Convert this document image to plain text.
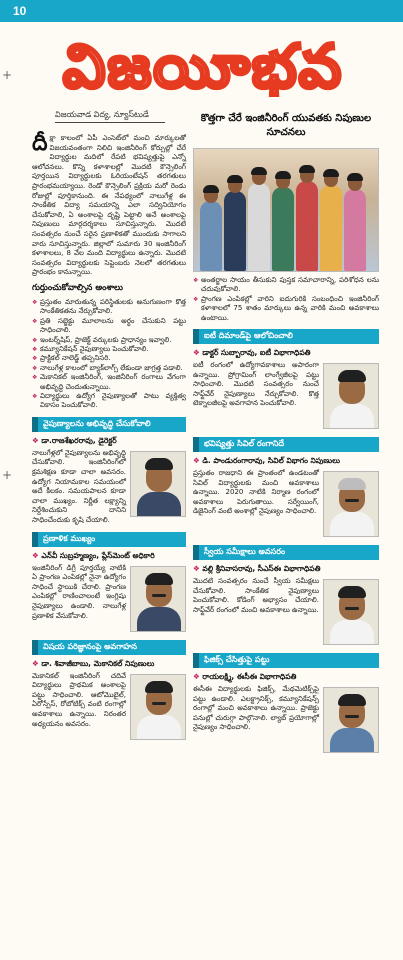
10
+
+
విజయీభవ
విజయవాడ విద్య, న్యూస్‌టుడే

దీక్షా కాలంలో ఏపీ ఎంసెట్‌లో మంచి మార్కులతో విజయవంతంగా నిలిచి ఇంజినీరింగ్ కోర్సుల్లో చేరే విద్యార్థుల మదిలో రేపటి భవిష్యత్తుపై ఎన్నో ఆలోచనలు. కొన్ని కళాశాలల్లో మొదటి కౌన్సెలింగ్ పూర్తయిన విద్యార్థులకు ఓరియంటేషన్ తరగతులు ప్రారంభమయ్యాయి. రెండో కౌన్సెలింగ్ ప్రక్రియ మరో రెండు రోజుల్లో పూర్తికానుంది. ఈ నేపథ్యంలో నాలుగేళ్ల ఈ సాంకేతిక విద్యా సమయాన్ని ఎలా సద్వినియోగం చేసుకోవాలి, ఏ అంశాలపై దృష్టి పెట్టాలి అనే అంశాలపై నిపుణులు మార్గదర్శకాలు సూచిస్తున్నారు. మొదటి సంవత్సరం నుంచే సరైన ప్రణాళికతో ముందుకు సాగాలని వారు సూచిస్తున్నారు. జిల్లాలో సుమారు 30 ఇంజినీరింగ్ కళాశాలలు, 8 వేల మంది విద్యార్థులు ఉన్నారు. మొదటి సంవత్సరం విద్యార్థులకు సెప్టెంబరు నెలలో తరగతులు ప్రారంభం కానున్నాయి.

గుర్తుంచుకోవాల్సిన అంశాలు
❖ ప్రస్తుతం మారుతున్న పరిస్థితులకు అనుగుణంగా కొత్త సాంకేతికతను నేర్చుకోవాలి.
❖ ప్రతి సబ్జెక్టు మూలాలను అర్థం చేసుకుని పట్టు సాధించాలి.
❖ ఇంటర్న్‌షిప్, ప్రాజెక్ట్ వర్కులకు ప్రాధాన్యం ఇవ్వాలి.
❖ కమ్యూనికేషన్ నైపుణ్యాలు పెంచుకోవాలి.
❖ ప్రాక్టికల్ నాలెడ్జ్ తప్పనిసరి.
❖ నాలుగేళ్ల కాలంలో బ్యాక్‌లాగ్స్ లేకుండా జాగ్రత్త పడాలి.
❖ మెకానికల్ ఇంజినీరింగ్, ఇంజినీరింగ్ రంగాలు వేగంగా అభివృద్ధి చెందుతున్నాయి.
❖ విద్యార్థులు ఉద్యోగ నైపుణ్యాలతో పాటు వ్యక్తిత్వ వికాసం పెంచుకోవాలి.
వైపుణ్యాలను అభివృద్ధి చేసుకోవాలి
❖ డా.రాజశేఖరరావు, డైరెక్టర్

నాలుగేళ్లలో నైపుణ్యాలను అభివృద్ధి చేసుకోవాలి. ఇంజినీరింగ్‌లో క్రమశిక్షణ కూడా చాలా అవసరం. ఉద్యోగ నియామకాల సమయంలో అదే కీలకం. సమయపాలన కూడా చాలా ముఖ్యం. నిర్ణీత లక్ష్యాన్ని నిర్దేశించుకుని దానిని సాధించేందుకు కృషి చేయాలి.

ప్రణాళిక ముఖ్యం
❖ ఎన్‌వీ సుబ్రహ్మణ్యం, ప్లేస్‌మెంట్ అధికారి

ఇంజినీరింగ్ డిగ్రీ పూర్తయ్యే నాటికి ఏ ప్రాంగణ ఎంపికల్లో నైనా ఉద్యోగం సాధించే స్థాయికి చేరాలి. ప్రాంగణ ఎంపికల్లో రాణించాలంటే ఇంగ్లిషు నైపుణ్యాలు ఉండాలి. నాలుగేళ్ల ప్రణాళిక వేసుకోవాలి.

విషయ పరిజ్ఞానంపై అవగాహన
❖ డా. శివాజీబాబు, మెకానికల్ నిపుణులు

మెకానికల్ ఇంజినీరింగ్ చదివే విద్యార్థులు ప్రాథమిక అంశాలపై పట్టు సాధించాలి. ఆటోమొబైల్, ఏరోస్పేస్, రోబోటిక్స్ వంటి రంగాల్లో అవకాశాలు ఉన్నాయి. నిరంతర అధ్యయనం అవసరం.

కొత్తగా చేరే ఇంజినీరింగ్ యువతకు నిపుణుల సూచనలు
❖ అంతర్జాల సాయం తీసుకుని పుస్తక సమాచారాన్ని, పరిశోధన లను చదువుకోవాలి.
❖ ప్రాంగణ ఎంపికల్లో వారిని ఐదుగురికి సంబంధించి ఇంజినీరింగ్ కళాశాలలో 75 శాతం మార్కులు ఉన్న వారికి మంచి అవకాశాలు ఉంటాయి.
ఐటీ దిమాండ్‌పై ఆలోచించాలి
❖ డాక్టర్ సుబ్బారావు, ఐటీ విభాగాధిపతి

ఐటీ రంగంలో ఉద్యోగావకాశాలు అపారంగా ఉన్నాయి. ప్రోగ్రామింగ్ లాంగ్వేజీలపై పట్టు సాధించాలి. మొదటి సంవత్సరం నుంచే సాఫ్ట్‌వేర్ నైపుణ్యాలు నేర్చుకోవాలి. కొత్త టెక్నాలజీలపై అవగాహన పెంచుకోవాలి.

భవిష్యత్తు సివిల్ రంగానిదే
❖ డి. పాండురంగారావు, సివిల్ విభాగం నిపుణులు

ప్రస్తుతం రాజధాని ఈ ప్రాంతంలో ఉండటంతో సివిల్ విద్యార్థులకు మంచి అవకాశాలు ఉన్నాయి. 2020 నాటికి నిర్మాణ రంగంలో అవకాశాలు పెరుగుతాయి. సర్వేయింగ్, డిజైనింగ్ వంటి అంశాల్లో నైపుణ్యం సాధించాలి.

స్వీయ సమీక్షాలు అవసరం
❖ వల్లి శ్రీనివాసరావు, సీఎస్‌ఈ విభాగాధిపతి

మొదటి సంవత్సరం నుంచే స్వీయ సమీక్షలు చేసుకోవాలి. సాంకేతిక నైపుణ్యాలు పెంచుకోవాలి. కోడింగ్ అభ్యాసం చేయాలి. సాఫ్ట్‌వేర్ రంగంలో మంచి అవకాశాలు ఉన్నాయి.

ఫిజిక్స్ చేసిత్తుపై పట్టు
❖ రాయలక్ష్మి, ఈసీఈ విభాగాధిపతి

ఈసీఈ విద్యార్థులకు ఫిజిక్స్, మేథమెటిక్స్‌పై పట్టు ఉండాలి. ఎలక్ట్రానిక్స్, కమ్యూనికేషన్స్ రంగాల్లో మంచి అవకాశాలు ఉన్నాయి. ప్రాజెక్టు పనుల్లో చురుగ్గా పాల్గొనాలి. ల్యాబ్ ప్రయోగాల్లో నైపుణ్యం సాధించాలి.
